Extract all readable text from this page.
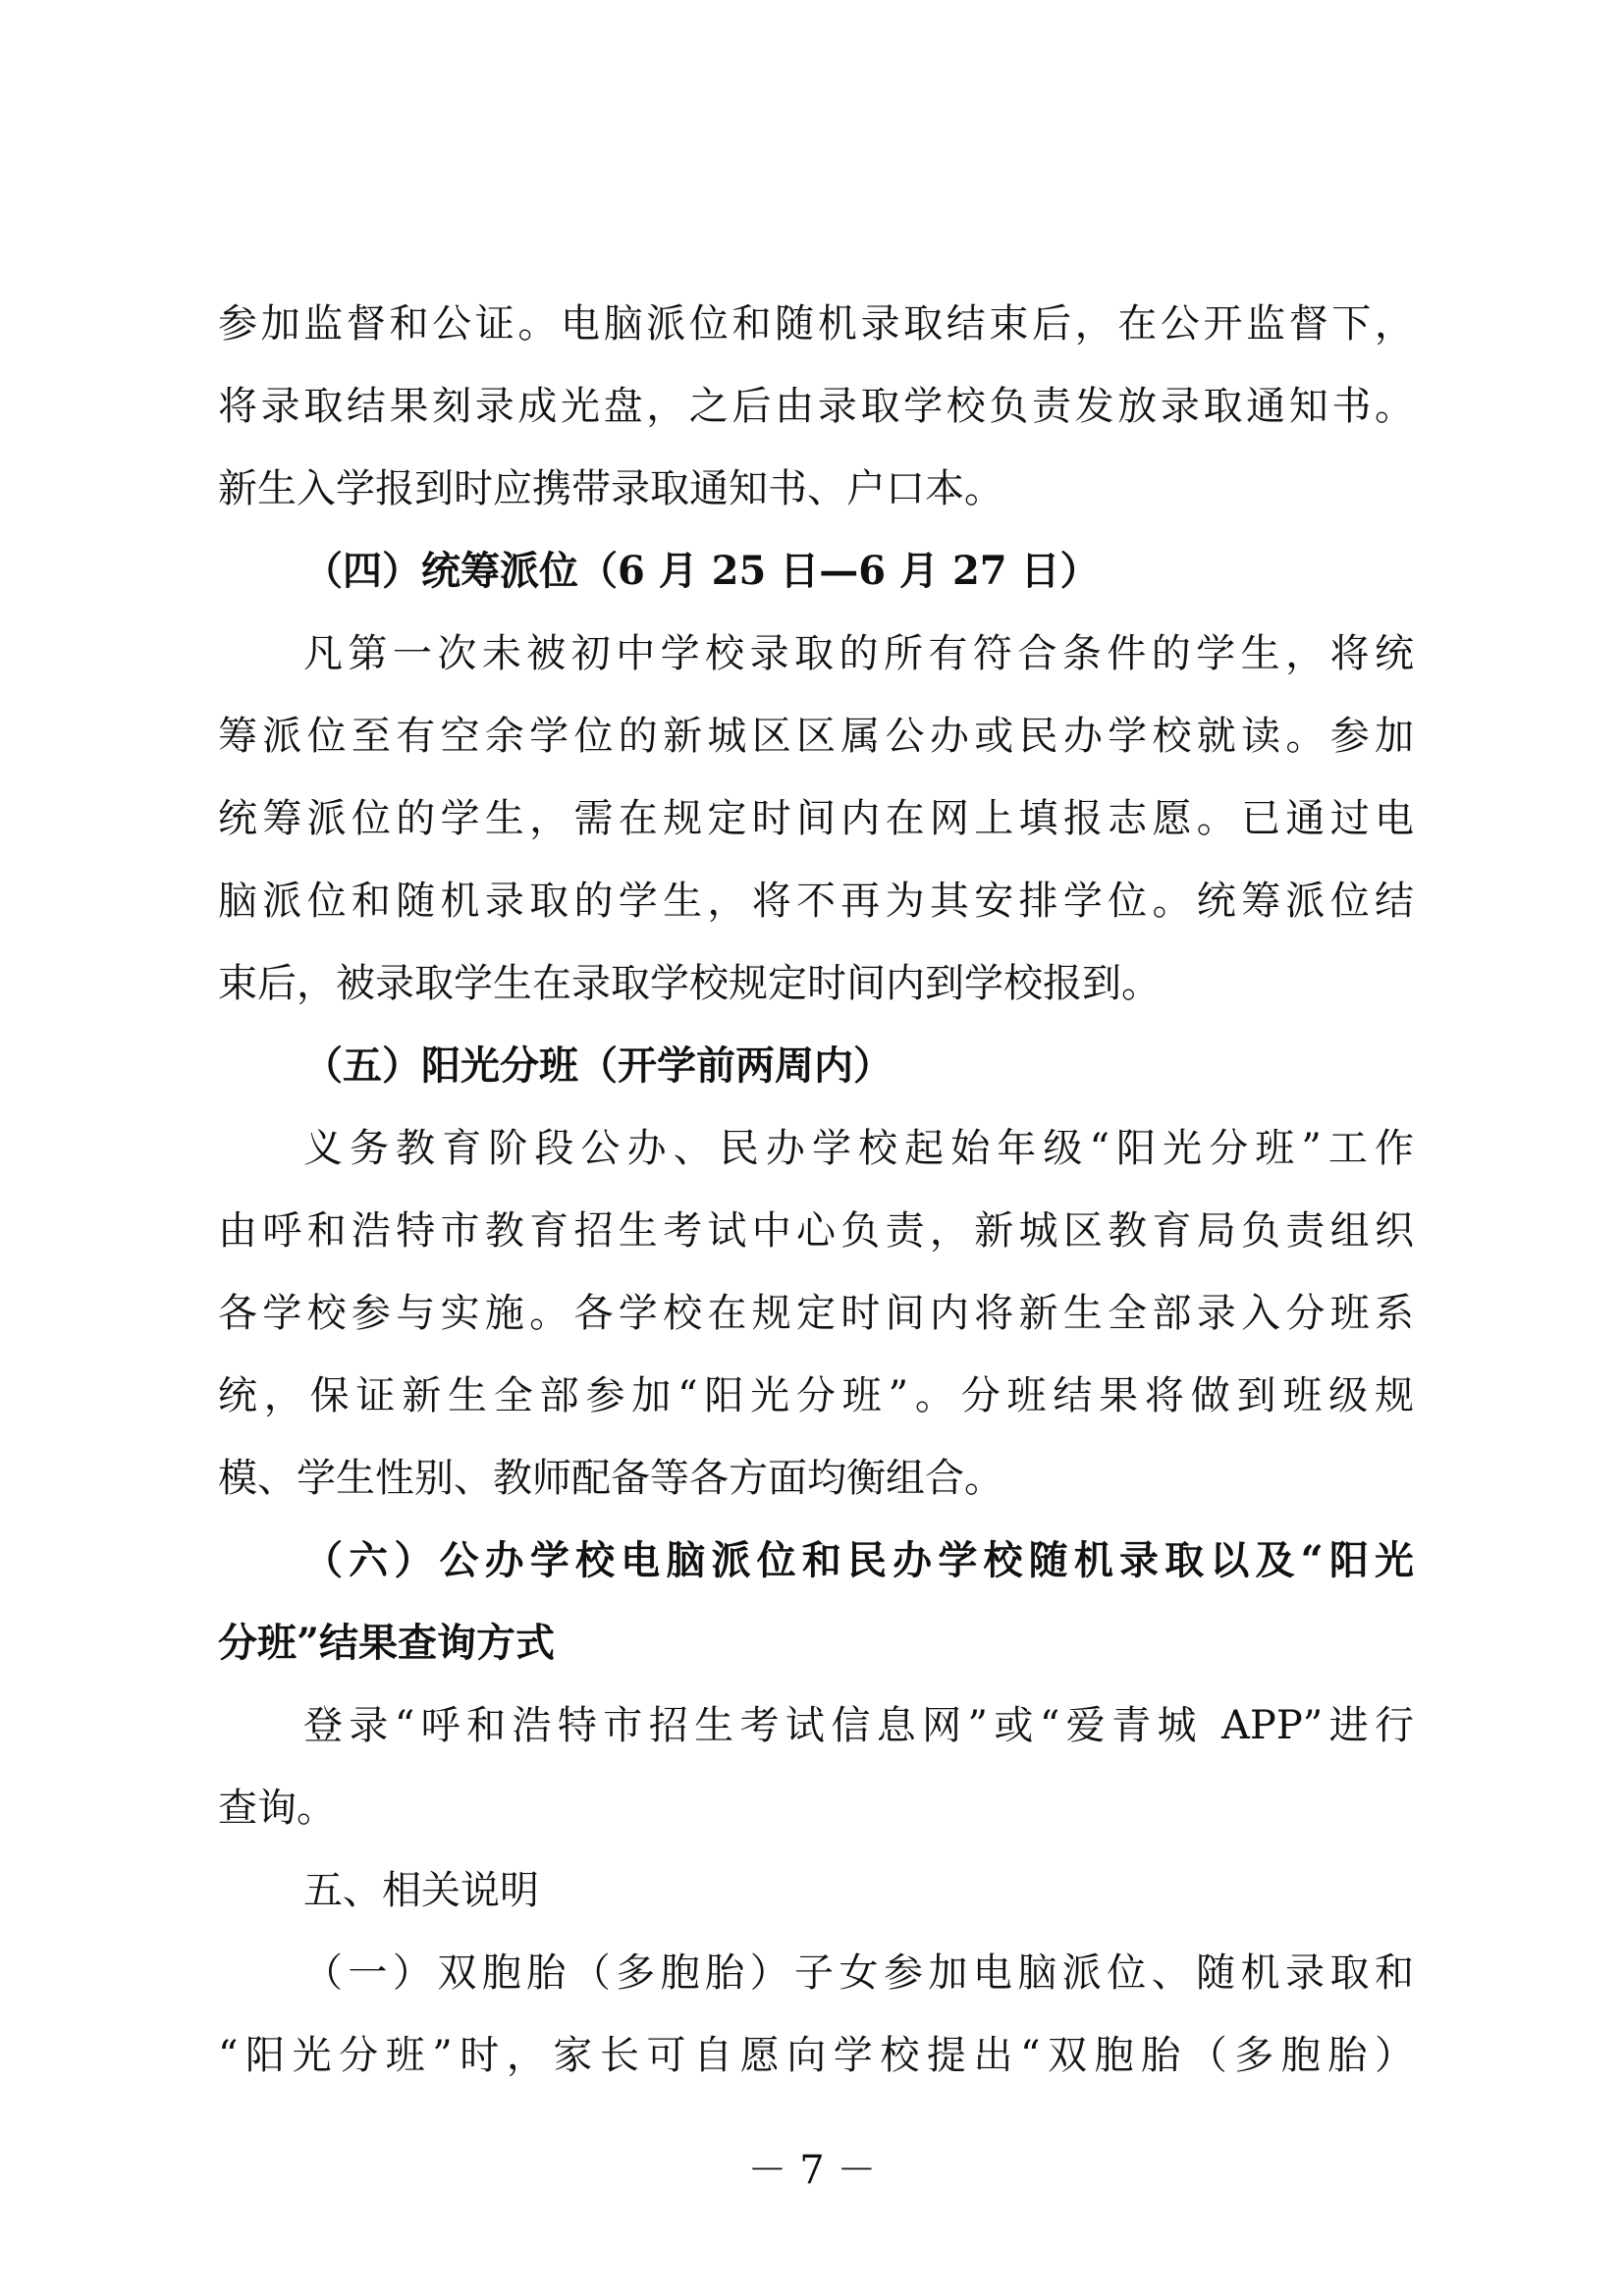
参加监督和公证。电脑派位和随机录取结束后，在公开监督下，

将录取结果刻录成光盘，之后由录取学校负责发放录取通知书。

新生入学报到时应携带录取通知书、户口本。

（四）统筹派位（6 月 25 日—6 月 27 日）

凡第一次未被初中学校录取的所有符合条件的学生，将统

筹派位至有空余学位的新城区区属公办或民办学校就读。参加

统筹派位的学生，需在规定时间内在网上填报志愿。已通过电

脑派位和随机录取的学生，将不再为其安排学位。统筹派位结

束后，被录取学生在录取学校规定时间内到学校报到。

（五）阳光分班（开学前两周内）

义务教育阶段公办、民办学校起始年级“阳光分班”工作

由呼和浩特市教育招生考试中心负责，新城区教育局负责组织

各学校参与实施。各学校在规定时间内将新生全部录入分班系

统，保证新生全部参加“阳光分班”。分班结果将做到班级规

模、学生性别、教师配备等各方面均衡组合。

（六）公办学校电脑派位和民办学校随机录取以及“阳光

分班”结果查询方式

登录“呼和浩特市招生考试信息网”或“爱青城 APP”进行

查询。

五、相关说明

（一）双胞胎（多胞胎）子女参加电脑派位、随机录取和

“阳光分班”时，家长可自愿向学校提出“双胞胎（多胞胎）

－ 7 －
